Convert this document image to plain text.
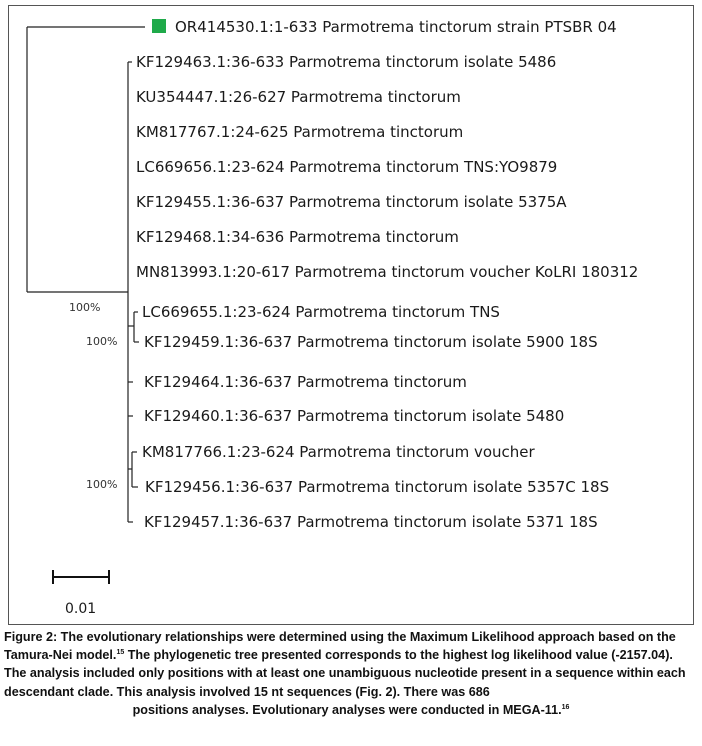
OR414530.1:1-633 Parmotrema tinctorum strain PTSBR 04
KF129463.1:36-633 Parmotrema tinctorum isolate 5486
KU354447.1:26-627 Parmotrema tinctorum
KM817767.1:24-625 Parmotrema tinctorum
LC669656.1:23-624 Parmotrema tinctorum TNS:YO9879
KF129455.1:36-637 Parmotrema tinctorum isolate 5375A
KF129468.1:34-636 Parmotrema tinctorum
MN813993.1:20-617 Parmotrema tinctorum voucher KoLRI 180312
LC669655.1:23-624 Parmotrema tinctorum TNS
KF129459.1:36-637 Parmotrema tinctorum isolate 5900 18S
KF129464.1:36-637 Parmotrema tinctorum
KF129460.1:36-637 Parmotrema tinctorum isolate 5480
KM817766.1:23-624 Parmotrema tinctorum voucher
KF129456.1:36-637 Parmotrema tinctorum isolate 5357C 18S
KF129457.1:36-637 Parmotrema tinctorum isolate 5371 18S
100%
100%
100%
0.01
Figure 2: The evolutionary relationships were determined using the Maximum Likelihood approach based on the Tamura-Nei model.$^{15}$ The phylogenetic tree presented corresponds to the highest log likelihood value (-2157.04). The analysis included only positions with at least one unambiguous nucleotide present in a sequence within each descendant clade. This analysis involved 15 nt sequences (Fig. 2). There was 686
positions analyses. Evolutionary analyses were conducted in MEGA-11.16
